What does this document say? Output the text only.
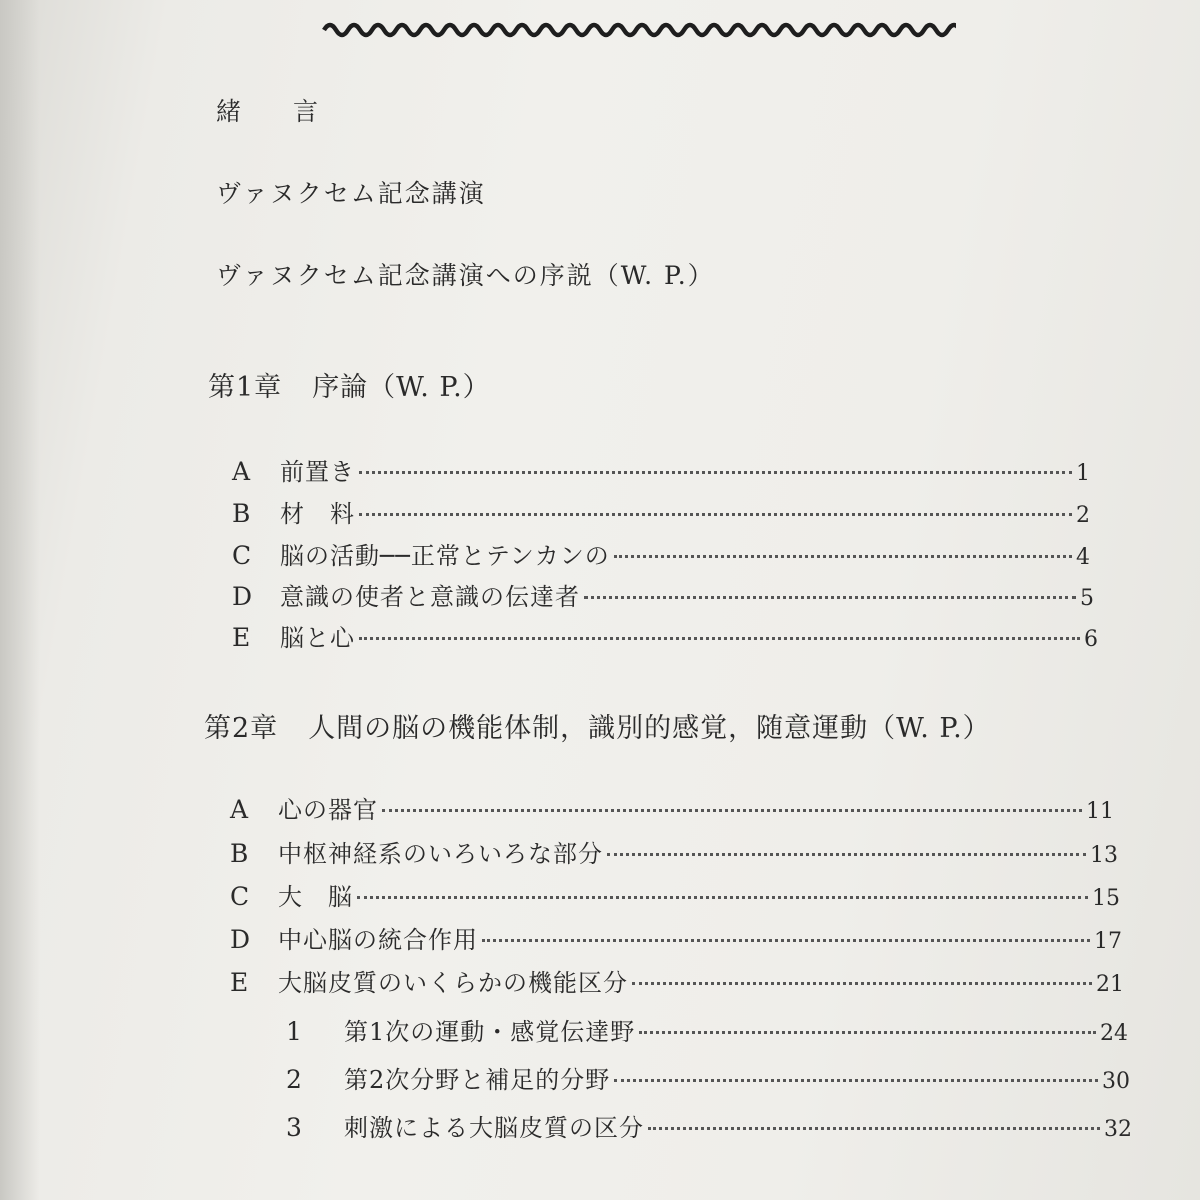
緒 言
ヴァヌクセム記念講演
ヴァヌクセム記念講演への序説（W. P.）
第1章 序論（W. P.）
A	前置き	1
B	材　料	2
C	脳の活動──正常とテンカンの	4
D	意識の使者と意識の伝達者	5
E	脳と心	6
第2章 人間の脳の機能体制，識別的感覚，随意運動（W. P.）
A	心の器官	11
B	中枢神経系のいろいろな部分	13
C	大　脳	15
D	中心脳の統合作用	17
E	大脳皮質のいくらかの機能区分	21
1	第1次の運動・感覚伝達野	24
2	第2次分野と補足的分野	30
3	刺激による大脳皮質の区分	32
